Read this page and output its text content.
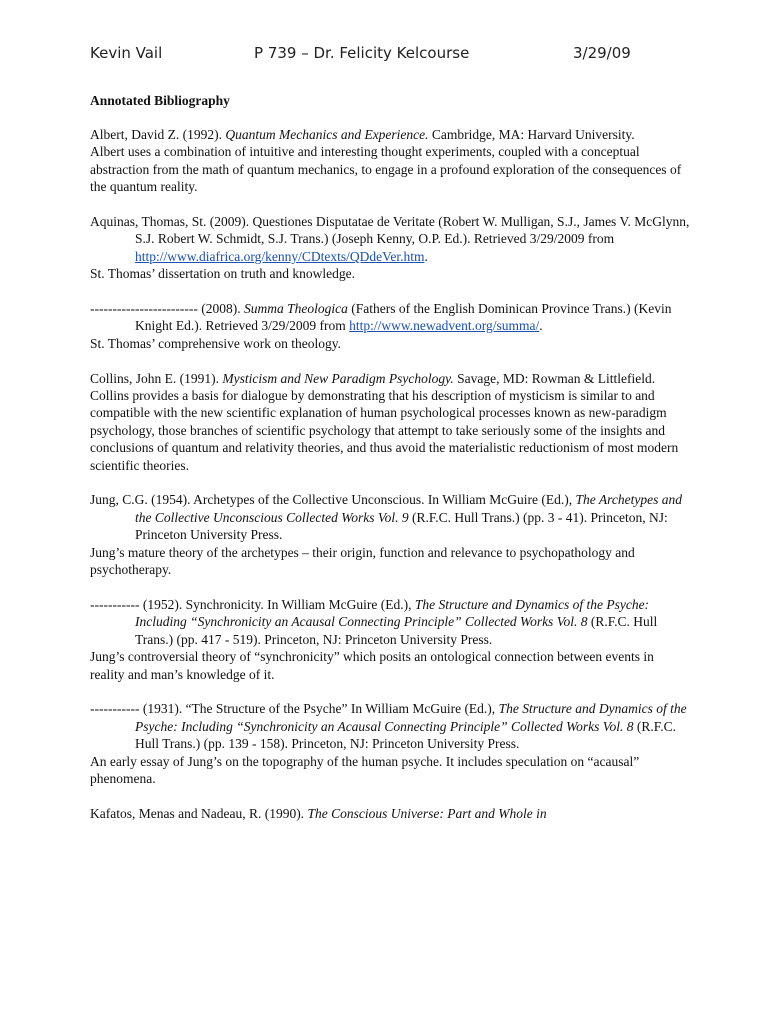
Kevin Vail	P 739 – Dr. Felicity Kelcourse	3/29/09
Annotated Bibliography
Albert, David Z. (1992). Quantum Mechanics and Experience. Cambridge, MA: Harvard University.
Albert uses a combination of intuitive and interesting thought experiments, coupled with a conceptual abstraction from the math of quantum mechanics, to engage in a profound exploration of the consequences of the quantum reality.
Aquinas, Thomas, St. (2009). Questiones Disputatae de Veritate (Robert W. Mulligan, S.J., James V. McGlynn, S.J. Robert W. Schmidt, S.J. Trans.) (Joseph Kenny, O.P. Ed.). Retrieved 3/29/2009 from http://www.diafrica.org/kenny/CDtexts/QDdeVer.htm.
St. Thomas’ dissertation on truth and knowledge.
------------------------ (2008). Summa Theologica (Fathers of the English Dominican Province Trans.) (Kevin Knight Ed.). Retrieved 3/29/2009 from http://www.newadvent.org/summa/.
St. Thomas’ comprehensive work on theology.
Collins, John E. (1991). Mysticism and New Paradigm Psychology. Savage, MD: Rowman & Littlefield.
Collins provides a basis for dialogue by demonstrating that his description of mysticism is similar to and compatible with the new scientific explanation of human psychological processes known as new-paradigm psychology, those branches of scientific psychology that attempt to take seriously some of the insights and conclusions of quantum and relativity theories, and thus avoid the materialistic reductionism of most modern scientific theories.
Jung, C.G. (1954). Archetypes of the Collective Unconscious. In William McGuire (Ed.), The Archetypes and the Collective Unconscious Collected Works Vol. 9 (R.F.C. Hull Trans.) (pp. 3 - 41). Princeton, NJ: Princeton University Press.
Jung’s mature theory of the archetypes – their origin, function and relevance to psychopathology and psychotherapy.
----------- (1952). Synchronicity. In William McGuire (Ed.), The Structure and Dynamics of the Psyche: Including “Synchronicity an Acausal Connecting Principle” Collected Works Vol. 8 (R.F.C. Hull Trans.) (pp. 417 - 519). Princeton, NJ: Princeton University Press.
Jung’s controversial theory of “synchronicity” which posits an ontological connection between events in reality and man’s knowledge of it.
----------- (1931). “The Structure of the Psyche” In William McGuire (Ed.), The Structure and Dynamics of the Psyche: Including “Synchronicity an Acausal Connecting Principle” Collected Works Vol. 8 (R.F.C. Hull Trans.) (pp. 139 - 158). Princeton, NJ: Princeton University Press.
An early essay of Jung’s on the topography of the human psyche. It includes speculation on “acausal” phenomena.
Kafatos, Menas and Nadeau, R. (1990). The Conscious Universe: Part and Whole in
